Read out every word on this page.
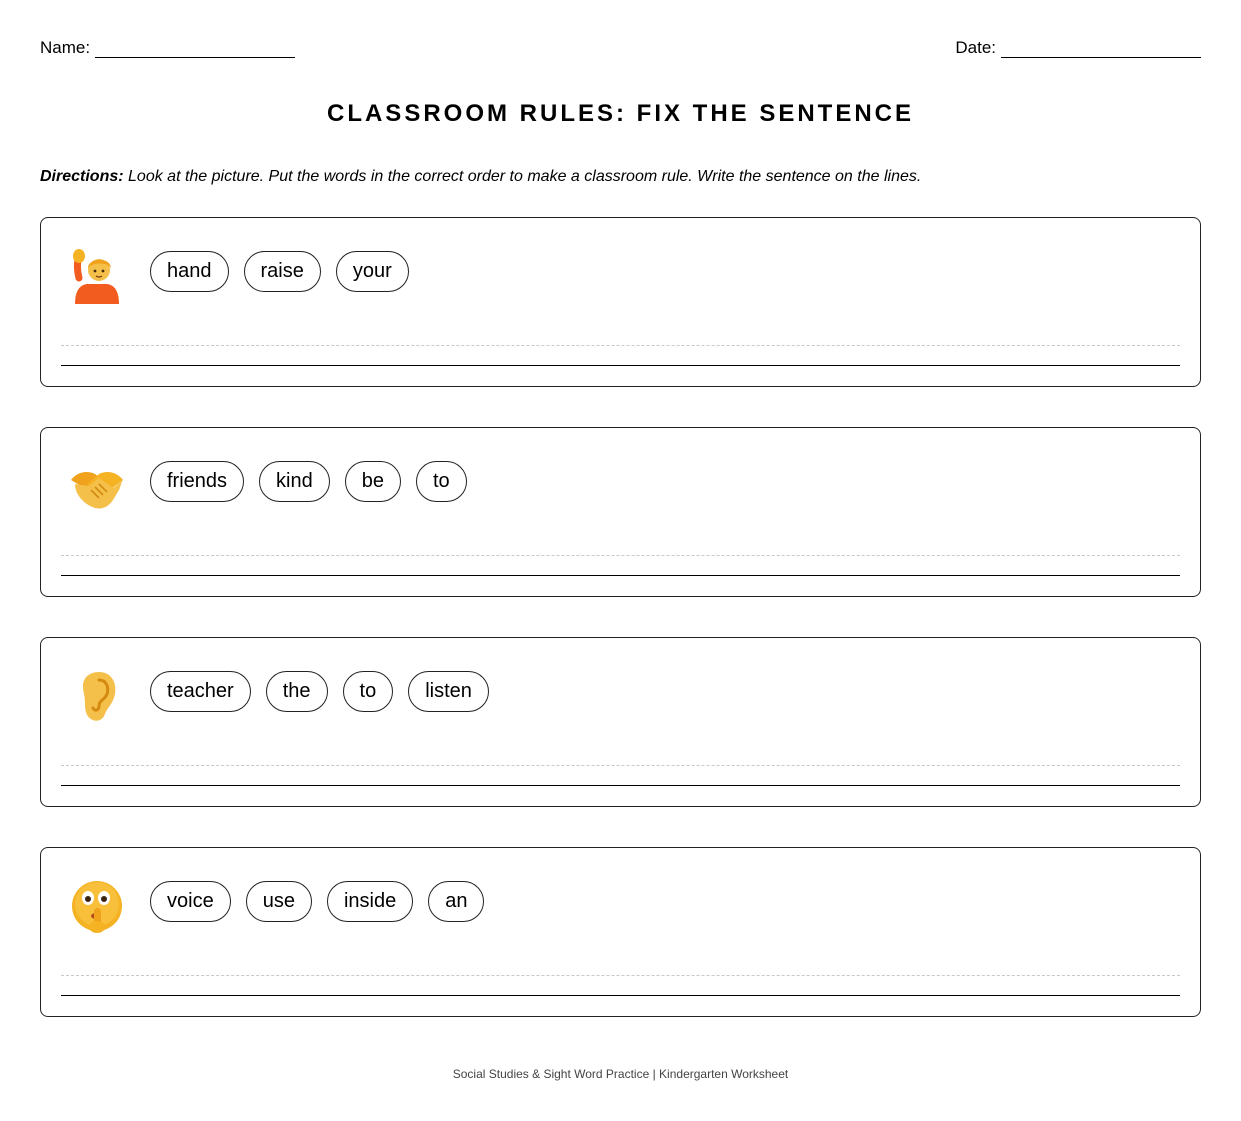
Name:	Date:
CLASSROOM RULES: FIX THE SENTENCE
Directions: Look at the picture. Put the words in the correct order to make a classroom rule. Write the sentence on the lines.
hand	raise	your
friends	kind	be	to
teacher	the	to	listen
voice	use	inside	an
Social Studies & Sight Word Practice | Kindergarten Worksheet
